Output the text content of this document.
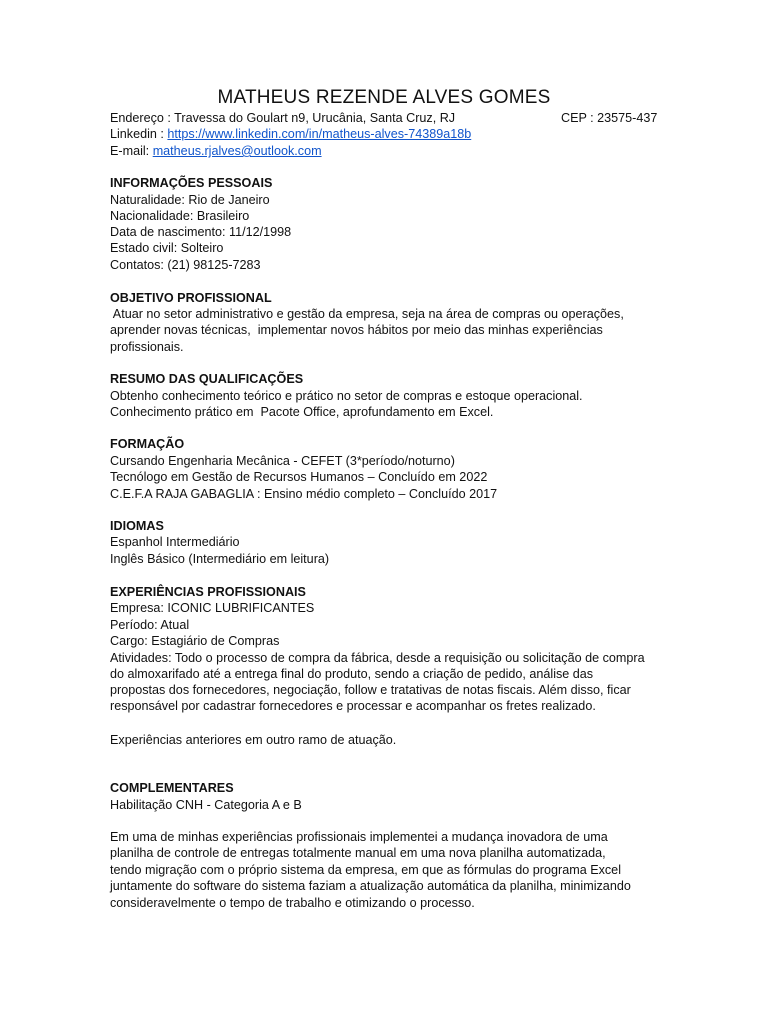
MATHEUS REZENDE ALVES GOMES
Endereço : Travessa do Goulart n9, Urucânia, Santa Cruz, RJ	CEP : 23575-437
Linkedin : https://www.linkedin.com/in/matheus-alves-74389a18b
E-mail: matheus.rjalves@outlook.com
INFORMAÇÕES PESSOAIS
Naturalidade: Rio de Janeiro
Nacionalidade: Brasileiro
Data de nascimento: 11/12/1998
Estado civil: Solteiro
Contatos: (21) 98125-7283
OBJETIVO PROFISSIONAL
Atuar no setor administrativo e gestão da empresa, seja na área de compras ou operações,
aprender novas técnicas,  implementar novos hábitos por meio das minhas experiências
profissionais.
RESUMO DAS QUALIFICAÇÕES
Obtenho conhecimento teórico e prático no setor de compras e estoque operacional.
Conhecimento prático em  Pacote Office, aprofundamento em Excel.
FORMAÇÃO
Cursando Engenharia Mecânica - CEFET (3*período/noturno)
Tecnólogo em Gestão de Recursos Humanos – Concluído em 2022
C.E.F.A RAJA GABAGLIA : Ensino médio completo – Concluído 2017
IDIOMAS
Espanhol Intermediário
Inglês Básico (Intermediário em leitura)
EXPERIÊNCIAS PROFISSIONAIS
Empresa: ICONIC LUBRIFICANTES
Período: Atual
Cargo: Estagiário de Compras
Atividades: Todo o processo de compra da fábrica, desde a requisição ou solicitação de compra
do almoxarifado até a entrega final do produto, sendo a criação de pedido, análise das
propostas dos fornecedores, negociação, follow e tratativas de notas fiscais. Além disso, ficar
responsável por cadastrar fornecedores e processar e acompanhar os fretes realizado.
Experiências anteriores em outro ramo de atuação.
COMPLEMENTARES
Habilitação CNH - Categoria A e B
Em uma de minhas experiências profissionais implementei a mudança inovadora de uma
planilha de controle de entregas totalmente manual em uma nova planilha automatizada,
tendo migração com o próprio sistema da empresa, em que as fórmulas do programa Excel
juntamente do software do sistema faziam a atualização automática da planilha, minimizando
consideravelmente o tempo de trabalho e otimizando o processo.
